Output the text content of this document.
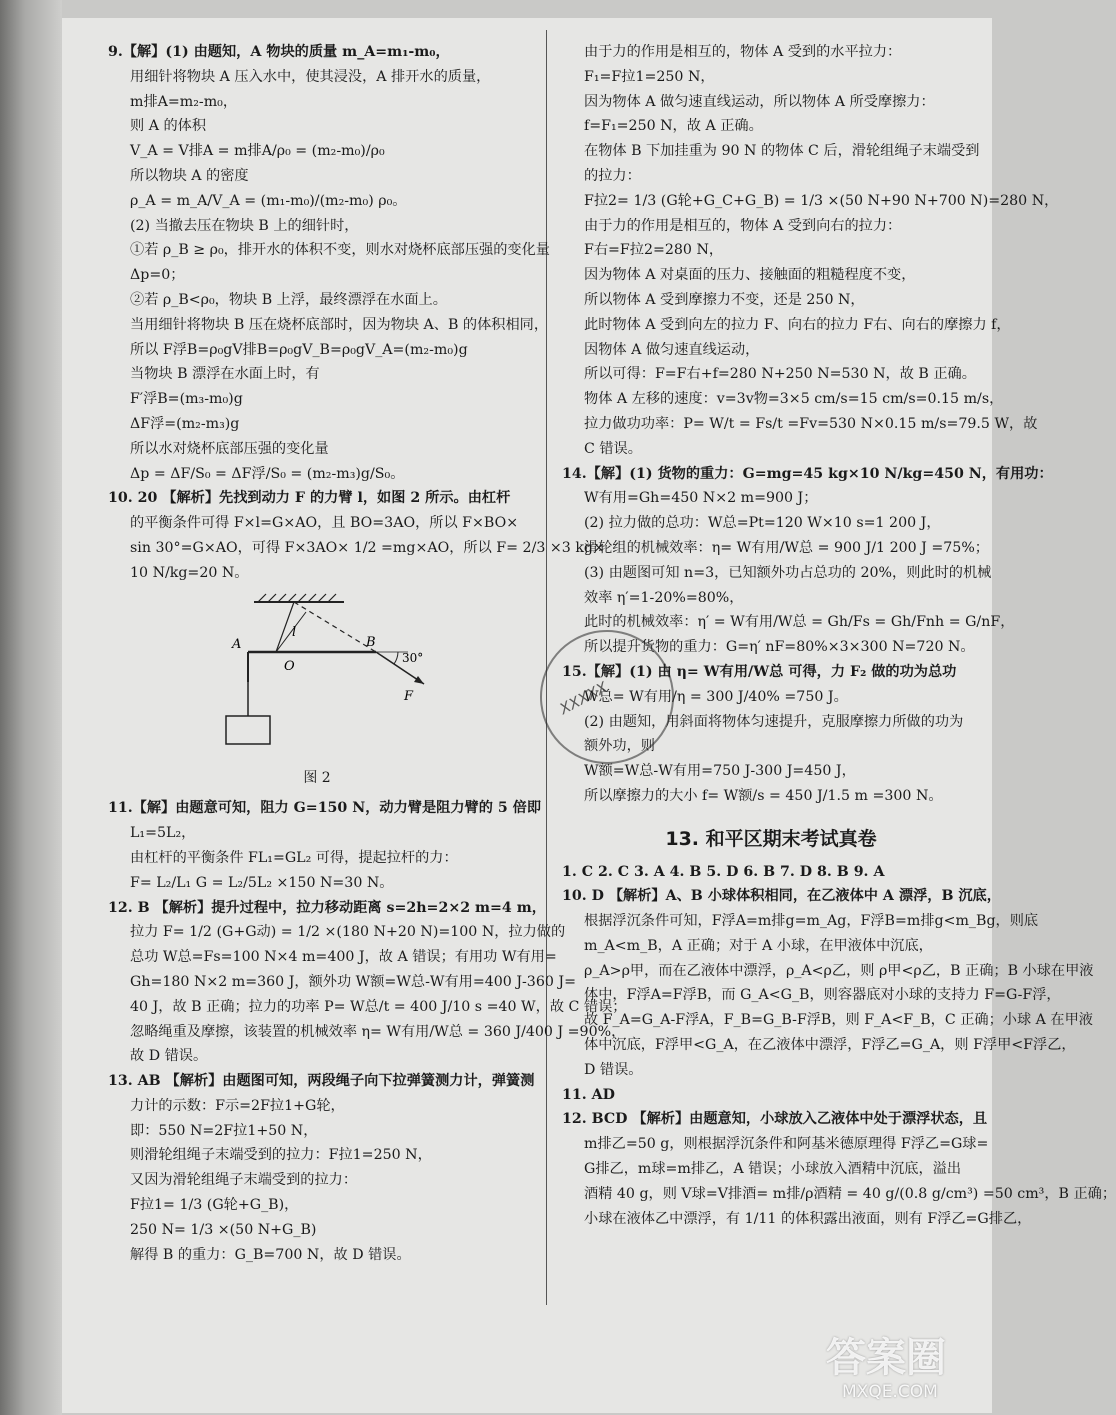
9.【解】(1) 由题知，A 物块的质量 m_A=m₁-m₀，

用细针将物块 A 压入水中，使其浸没，A 排开水的质量，

m排A=m₂-m₀，

则 A 的体积

V_A = V排A = m排A/ρ₀ = (m₂-m₀)/ρ₀

所以物块 A 的密度

ρ_A = m_A/V_A = (m₁-m₀)/(m₂-m₀) ρ₀。

(2) 当撤去压在物块 B 上的细针时，

①若 ρ_B ≥ ρ₀，排开水的体积不变，则水对烧杯底部压强的变化量

Δp=0；

②若 ρ_B<ρ₀，物块 B 上浮，最终漂浮在水面上。

当用细针将物块 B 压在烧杯底部时，因为物块 A、B 的体积相同，

所以 F浮B=ρ₀gV排B=ρ₀gV_B=ρ₀gV_A=(m₂-m₀)g

当物块 B 漂浮在水面上时，有

F′浮B=(m₃-m₀)g

ΔF浮=(m₂-m₃)g

所以水对烧杯底部压强的变化量

Δp = ΔF/S₀ = ΔF浮/S₀ = (m₂-m₃)g/S₀。

10. 20 【解析】先找到动力 F 的力臂 l，如图 2 所示。由杠杆

的平衡条件可得 F×l=G×AO，且 BO=3AO，所以 F×BO×

sin 30°=G×AO，可得 F×3AO× 1/2 =mg×AO，所以 F= 2/3 ×3 kg×

10 N/kg=20 N。

A
O
l
B
30°
F

图 2

11.【解】由题意可知，阻力 G=150 N，动力臂是阻力臂的 5 倍即

L₁=5L₂，

由杠杆的平衡条件 FL₁=GL₂ 可得，提起拉杆的力：

F= L₂/L₁ G = L₂/5L₂ ×150 N=30 N。

12. B 【解析】提升过程中，拉力移动距离 s=2h=2×2 m=4 m，

拉力 F= 1/2 (G+G动) = 1/2 ×(180 N+20 N)=100 N，拉力做的

总功 W总=Fs=100 N×4 m=400 J，故 A 错误；有用功 W有用=

Gh=180 N×2 m=360 J，额外功 W额=W总-W有用=400 J-360 J=

40 J，故 B 正确；拉力的功率 P= W总/t = 400 J/10 s =40 W，故 C 错误；

忽略绳重及摩擦，该装置的机械效率 η= W有用/W总 = 360 J/400 J =90%，

故 D 错误。

13. AB 【解析】由题图可知，两段绳子向下拉弹簧测力计，弹簧测

力计的示数：F示=2F拉1+G轮，

即：550 N=2F拉1+50 N，

则滑轮组绳子末端受到的拉力：F拉1=250 N，

又因为滑轮组绳子末端受到的拉力：

F拉1= 1/3 (G轮+G_B)，

250 N= 1/3 ×(50 N+G_B)

解得 B 的重力：G_B=700 N，故 D 错误。

由于力的作用是相互的，物体 A 受到的水平拉力：

F₁=F拉1=250 N，

因为物体 A 做匀速直线运动，所以物体 A 所受摩擦力：

f=F₁=250 N，故 A 正确。

在物体 B 下加挂重为 90 N 的物体 C 后，滑轮组绳子末端受到

的拉力：

F拉2= 1/3 (G轮+G_C+G_B) = 1/3 ×(50 N+90 N+700 N)=280 N，

由于力的作用是相互的，物体 A 受到向右的拉力：

F右=F拉2=280 N，

因为物体 A 对桌面的压力、接触面的粗糙程度不变，

所以物体 A 受到摩擦力不变，还是 250 N，

此时物体 A 受到向左的拉力 F、向右的拉力 F右、向右的摩擦力 f，

因物体 A 做匀速直线运动，

所以可得：F=F右+f=280 N+250 N=530 N，故 B 正确。

物体 A 左移的速度：v=3v物=3×5 cm/s=15 cm/s=0.15 m/s，

拉力做功功率：P= W/t = Fs/t =Fv=530 N×0.15 m/s=79.5 W，故

C 错误。

14.【解】(1) 货物的重力：G=mg=45 kg×10 N/kg=450 N，有用功：

W有用=Gh=450 N×2 m=900 J；

(2) 拉力做的总功：W总=Pt=120 W×10 s=1 200 J，

滑轮组的机械效率：η= W有用/W总 = 900 J/1 200 J =75%；

(3) 由题图可知 n=3，已知额外功占总功的 20%，则此时的机械

效率 η′=1-20%=80%，

此时的机械效率：η′ = W有用/W总 = Gh/Fs = Gh/Fnh = G/nF，

所以提升货物的重力：G=η′ nF=80%×3×300 N=720 N。

15.【解】(1) 由 η= W有用/W总 可得，力 F₂ 做的功为总功

W总= W有用/η = 300 J/40% =750 J。

(2) 由题知，用斜面将物体匀速提升，克服摩擦力所做的功为

额外功，则

W额=W总-W有用=750 J-300 J=450 J，

所以摩擦力的大小 f= W额/s = 450 J/1.5 m =300 N。

13. 和平区期末考试真卷

1. C 2. C 3. A 4. B 5. D 6. B 7. D 8. B 9. A

10. D 【解析】A、B 小球体积相同，在乙液体中 A 漂浮，B 沉底，

根据浮沉条件可知，F浮A=m排g=m_Ag，F浮B=m排g<m_Bg，则底

m_A<m_B，A 正确；对于 A 小球，在甲液体中沉底，

ρ_A>ρ甲，而在乙液体中漂浮，ρ_A<ρ乙，则 ρ甲<ρ乙，B 正确；B 小球在甲液

体中，F浮A=F浮B，而 G_A<G_B，则容器底对小球的支持力 F=G-F浮，

故 F_A=G_A-F浮A，F_B=G_B-F浮B，则 F_A<F_B，C 正确；小球 A 在甲液

体中沉底，F浮甲<G_A，在乙液体中漂浮，F浮乙=G_A，则 F浮甲<F浮乙，

D 错误。

11. AD

12. BCD 【解析】由题意知，小球放入乙液体中处于漂浮状态，且

m排乙=50 g，则根据浮沉条件和阿基米德原理得 F浮乙=G球=

G排乙，m球=m排乙，A 错误；小球放入酒精中沉底，溢出

酒精 40 g，则 V球=V排酒= m排/ρ酒精 = 40 g/(0.8 g/cm³) =50 cm³，B 正确；

小球在液体乙中漂浮，有 1/11 的体积露出液面，则有 F浮乙=G排乙，

XXXXX
答案圈
MXQE.COM
